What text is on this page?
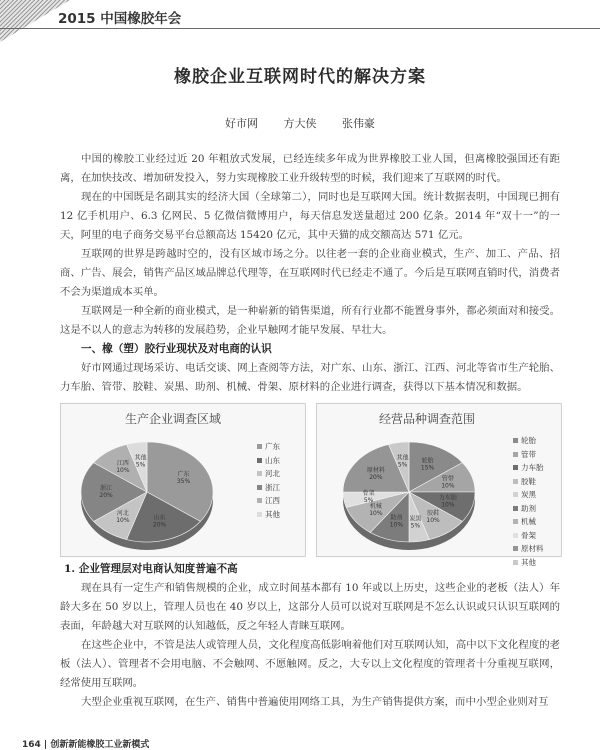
2015 中国橡胶年会
橡胶企业互联网时代的解决方案
好市网 方大侠 张伟豪

中国的橡胶工业经过近 20 年粗放式发展，已经连续多年成为世界橡胶工业人国，但离橡胶强国还有距离，在加快技改、增加研发投入，努力实现橡胶工业升级转型的时候，我们迎来了互联网的时代。

现在的中国既是名副其实的经济大国（全球第二），同时也是互联网大国。统计数据表明，中国现已拥有 12 亿手机用户、6.3 亿网民、5 亿微信微博用户，每天信息发送量超过 200 亿条。2014 年“双十一”的一天，阿里的电子商务交易平台总额高达 15420 亿元，其中天猫的成交额高达 571 亿元。

互联网的世界是跨越时空的，没有区域市场之分。以往老一套的企业商业模式，生产、加工、产品、招商、广告、展会，销售产品区域品牌总代理等，在互联网时代已经走不通了。今后是互联网直销时代，消费者不会为渠道成本买单。

互联网是一种全新的商业模式，是一种崭新的销售渠道，所有行业都不能置身事外，都必须面对和接受。这是不以人的意志为转移的发展趋势，企业早触网才能早发展、早壮大。

一、橡（塑）胶行业现状及对电商的认识

好市网通过现场采访、电话交谈、网上查阅等方法，对广东、山东、浙江、江西、河北等省市生产轮胎、力车胎、管带、胶鞋、炭黑、助剂、机械、骨架、原材料的企业进行调查，获得以下基本情况和数据。

生产企业调查区域
广东 35%
山东 20%
河北 10%
浙江 20%
江西 10%
其他 5%
广东
山东
河北
浙江
江西
其他
经营品种调查范围
轮胎 15%
管带 10%
力车胎 10%
胶鞋 10%
炭黑 5%
助剂 10%
机械 10%
骨架 5%
原材料 20%
其他 5%
轮胎
管带
力车胎
胶鞋
炭黑
助剂
机械
骨架
原材料
其他

1. 企业管理层对电商认知度普遍不高

现在具有一定生产和销售规模的企业，成立时间基本都有 10 年或以上历史，这些企业的老板（法人）年龄大多在 50 岁以上，管理人员也在 40 岁以上，这部分人员可以说对互联网是不怎么认识或只认识互联网的表面，年龄越大对互联网的认知越低，反之年轻人青睐互联网。

在这些企业中，不管是法人或管理人员，文化程度高低影响着他们对互联网认知，高中以下文化程度的老板（法人）、管理者不会用电脑、不会触网、不愿触网。反之，大专以上文化程度的管理者十分重视互联网，经常使用互联网。

大型企业重视互联网，在生产、销售中普遍使用网络工具，为生产销售提供方案，而中小型企业则对互

164 | 创新新能橡胶工业新模式
